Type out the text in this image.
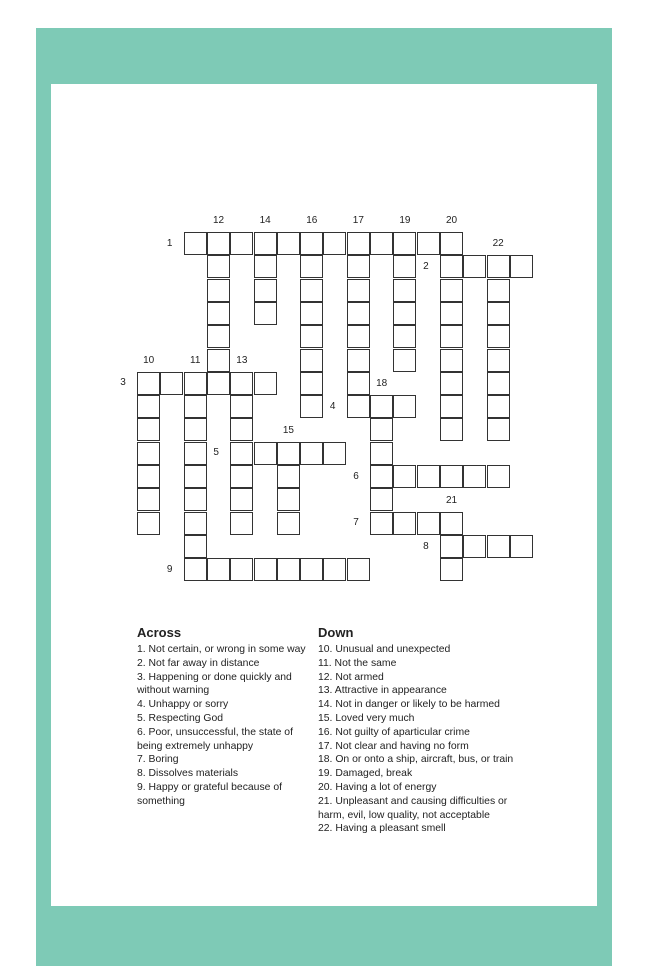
1
2
3
4
5
6
7
8
9
10	11
12
13
14
15
16	17
18
19	20
21
22
Across
1. Not certain, or wrong in some way
2. Not far away in distance
3. Happening or done quickly and without warning
4. Unhappy or sorry
5. Respecting God
6. Poor, unsuccessful, the state of being extremely unhappy
7. Boring
8. Dissolves materials
9. Happy or grateful because of something
Down
10. Unusual and unexpected
11. Not the same
12. Not armed
13. Attractive in appearance
14. Not in danger or likely to be harmed
15. Loved very much
16. Not guilty of aparticular crime
17. Not clear and having no form
18. On or onto a ship, aircraft, bus, or train
19. Damaged, break
20. Having a lot of energy
21. Unpleasant and causing difficulties or harm, evil, low quality, not acceptable
22. Having a pleasant smell
